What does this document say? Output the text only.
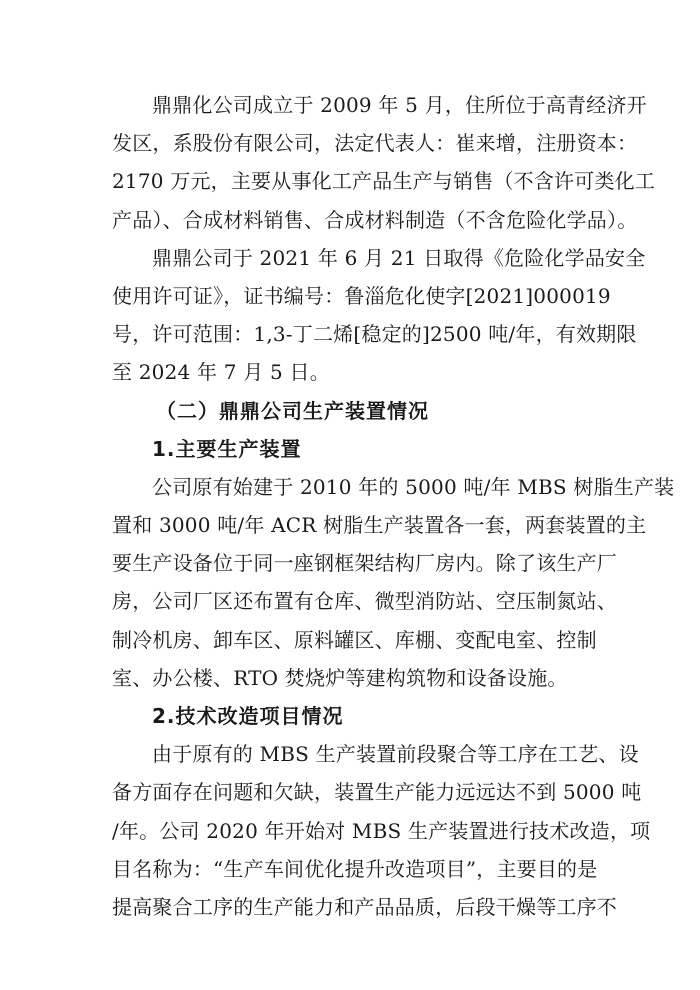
鼎鼎化公司成立于 2009 年 5 月，住所位于高青经济开
发区，系股份有限公司，法定代表人：崔来增，注册资本：
2170 万元，主要从事化工产品生产与销售（不含许可类化工
产品）、合成材料销售、合成材料制造（不含危险化学品）。
鼎鼎公司于 2021 年 6 月 21 日取得《危险化学品安全
使用许可证》，证书编号：鲁淄危化使字[2021]000019
号，许可范围：1,3-丁二烯[稳定的]2500 吨/年，有效期限
至 2024 年 7 月 5 日。
（二）鼎鼎公司生产装置情况
1.主要生产装置
公司原有始建于 2010 年的 5000 吨/年 MBS 树脂生产装
置和 3000 吨/年 ACR 树脂生产装置各一套，两套装置的主
要生产设备位于同一座钢框架结构厂房内。除了该生产厂
房，公司厂区还布置有仓库、微型消防站、空压制氮站、
制冷机房、卸车区、原料罐区、库棚、变配电室、控制
室、办公楼、RTO 焚烧炉等建构筑物和设备设施。
2.技术改造项目情况
由于原有的 MBS 生产装置前段聚合等工序在工艺、设
备方面存在问题和欠缺，装置生产能力远远达不到 5000 吨
/年。公司 2020 年开始对 MBS 生产装置进行技术改造，项
目名称为：“生产车间优化提升改造项目”，主要目的是
提高聚合工序的生产能力和产品品质，后段干燥等工序不
